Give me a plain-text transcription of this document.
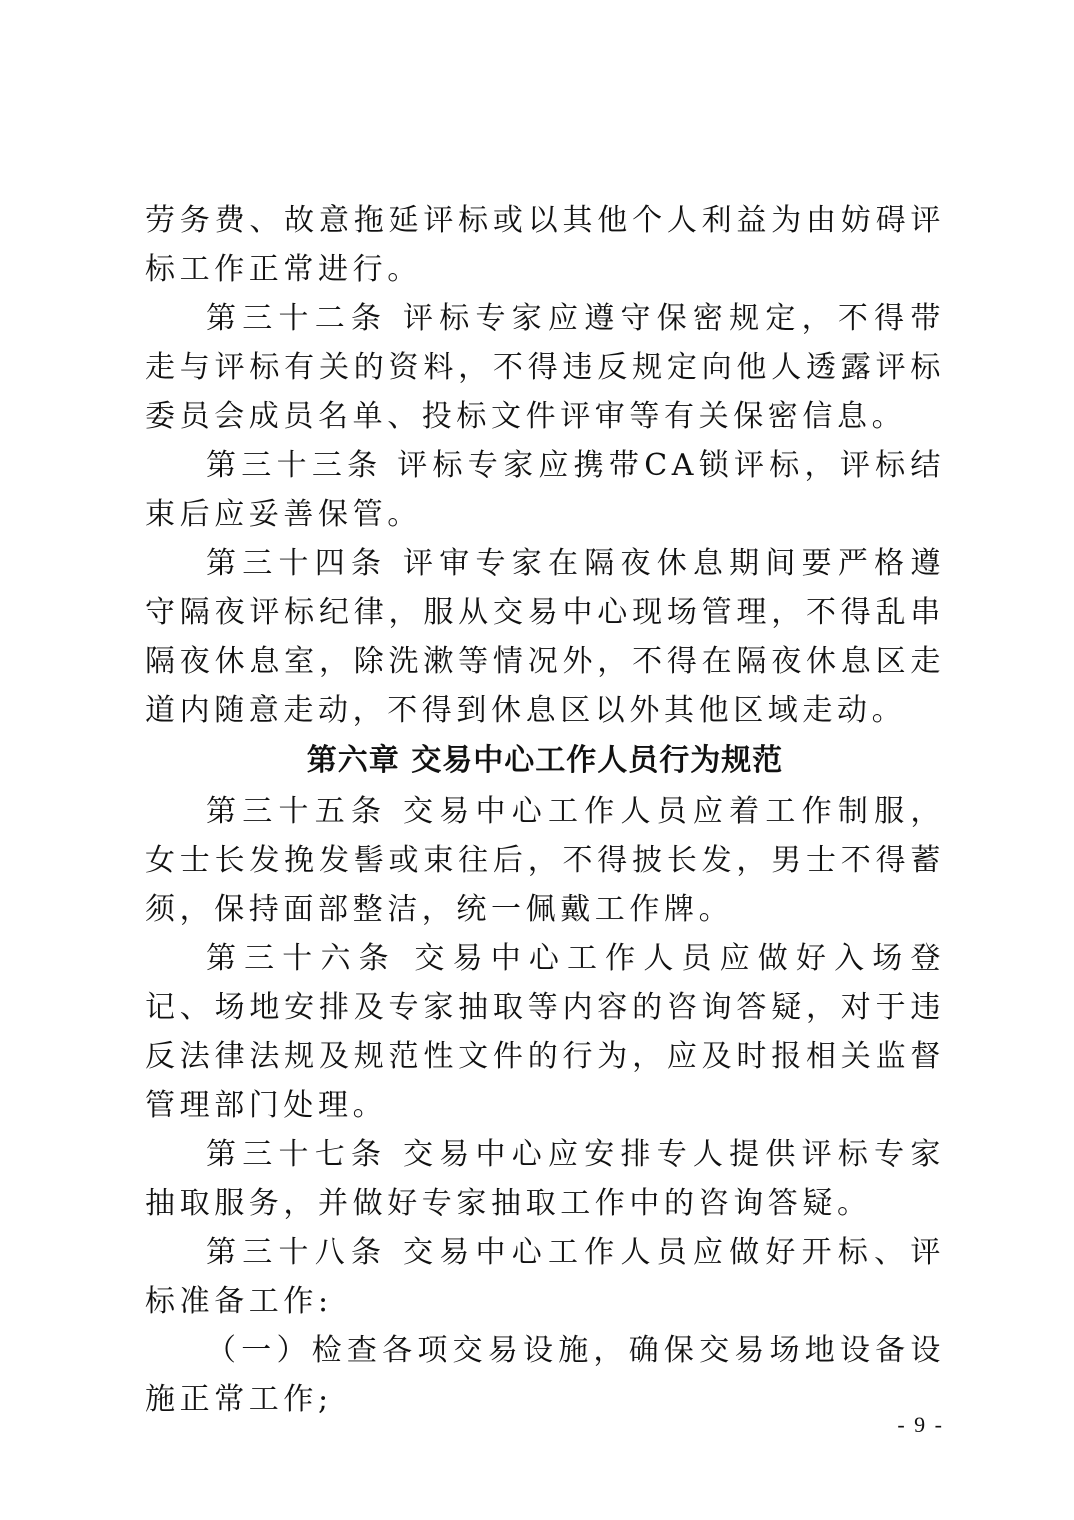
劳务费、故意拖延评标或以其他个人利益为由妨碍评标工作正常进行。

第三十二条 评标专家应遵守保密规定，不得带走与评标有关的资料，不得违反规定向他人透露评标委员会成员名单、投标文件评审等有关保密信息。

第三十三条 评标专家应携带CA锁评标，评标结束后应妥善保管。

第三十四条 评审专家在隔夜休息期间要严格遵守隔夜评标纪律，服从交易中心现场管理，不得乱串隔夜休息室，除洗漱等情况外，不得在隔夜休息区走道内随意走动，不得到休息区以外其他区域走动。

第六章 交易中心工作人员行为规范

第三十五条 交易中心工作人员应着工作制服，女士长发挽发髻或束往后，不得披长发，男士不得蓄须，保持面部整洁，统一佩戴工作牌。

第三十六条 交易中心工作人员应做好入场登记、场地安排及专家抽取等内容的咨询答疑，对于违反法律法规及规范性文件的行为，应及时报相关监督管理部门处理。

第三十七条 交易中心应安排专人提供评标专家抽取服务，并做好专家抽取工作中的咨询答疑。

第三十八条 交易中心工作人员应做好开标、评标准备工作:

（一）检查各项交易设施，确保交易场地设备设施正常工作;

- 9 -
